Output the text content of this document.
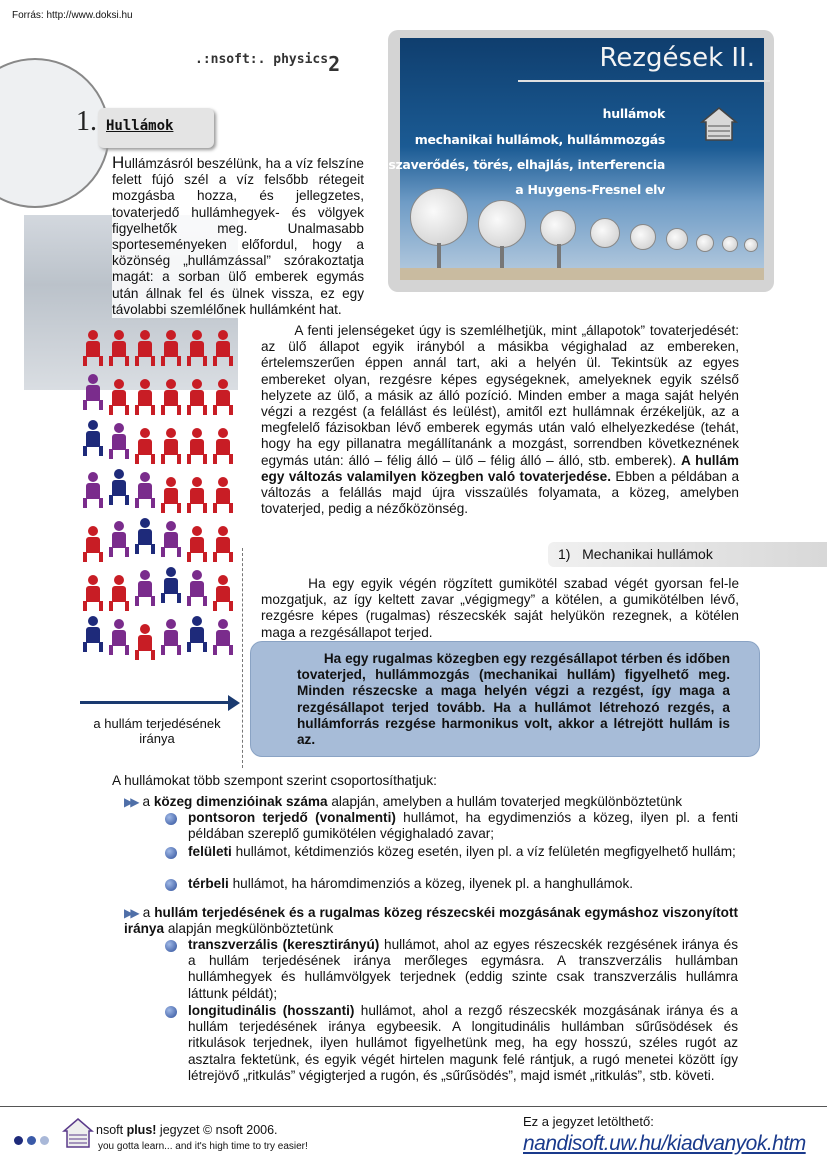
Forrás: http://www.doksi.hu
.:nsoft:. physics2	Rezgések II.
hullámok
mechanikai hullámok, hullámmozgás
visszaverődés, törés, elhajlás, interferencia
a Huygens-Fresnel elv
1. Hullámok
Hullámzásról beszélünk, ha a víz felszíne felett fújó szél a víz felsőbb rétegeit mozgásba hozza, és jellegzetes, tovaterjedő hullámhegyek- és völgyek figyelhetők meg. Unalmasabb sporteseményeken előfordul, hogy a közönség „hullámzással” szórakoztatja magát: a sorban ülő emberek egymás után állnak fel és ülnek vissza, ez egy távolabbi szemlélőnek hullámként hat.
a hullám terjedésének iránya
A fenti jelenségeket úgy is szemlélhetjük, mint „állapotok” tovaterjedését: az ülő állapot egyik irányból a másikba végighalad az embereken, értelemszerűen éppen annál tart, aki a helyén ül. Tekintsük az egyes embereket olyan, rezgésre képes egységeknek, amelyeknek egyik szélső helyzete az ülő, a másik az álló pozíció. Minden ember a maga saját helyén végzi a rezgést (a felállást és leülést), amitől ezt hullámnak érzékeljük, az a megfelelő fázisokban lévő emberek egymás után való elhelyezkedése (tehát, hogy ha egy pillanatra megállítanánk a mozgást, sorrendben következnének egymás után: álló – félig álló – ülő – félig álló – álló, stb. emberek). A hullám egy változás valamilyen közegben való tovaterjedése. Ebben a példában a változás a felállás majd újra visszaülés folyamata, a közeg, amelyben tovaterjed, pedig a nézőközönség.
1)   Mechanikai hullámok
Ha egy egyik végén rögzített gumikötél szabad végét gyorsan fel-le mozgatjuk, az így keltett zavar „végigmegy” a kötélen, a gumikötélben lévő, rezgésre képes (rugalmas) részecskék saját helyükön rezegnek, a kötélen maga a rezgésállapot terjed.
Ha egy rugalmas közegben egy rezgésállapot térben és időben tovaterjed, hullámmozgás (mechanikai hullám) figyelhető meg. Minden részecske a maga helyén végzi a rezgést, így maga a rezgésállapot terjed tovább. Ha a hullámot létrehozó rezgés, a hullámforrás rezgése harmonikus volt, akkor a létrejött hullám is az.
A hullámokat több szempont szerint csoportosíthatjuk:
▶▶ a közeg dimenzióinak száma alapján, amelyben a hullám tovaterjed megkülönböztetünk
pontsoron terjedő (vonalmenti) hullámot, ha egydimenziós a közeg, ilyen pl. a fenti példában szereplő gumikötélen végighaladó zavar;
felületi hullámot, kétdimenziós közeg esetén, ilyen pl. a víz felületén megfigyelhető hullám;
térbeli hullámot, ha háromdimenziós a közeg, ilyenek pl. a hanghullámok.
▶▶ a hullám terjedésének és a rugalmas közeg részecskéi mozgásának egymáshoz viszonyított iránya alapján megkülönböztetünk
transzverzális (keresztirányú) hullámot, ahol az egyes részecskék rezgésének iránya és a hullám terjedésének iránya merőleges egymásra. A transzverzális hullámban hullámhegyek és hullámvölgyek terjednek (eddig szinte csak transzverzális hullámra láttunk példát);
longitudinális (hosszanti) hullámot, ahol a rezgő részecskék mozgásának iránya és a hullám terjedésének iránya egybeesik. A longitudinális hullámban sűrűsödések és ritkulások terjednek, ilyen hullámot figyelhetünk meg, ha egy hosszú, széles rugót az asztalra fektetünk, és egyik végét hirtelen magunk felé rántjuk, a rugó menetei között így létrejövő „ritkulás” végigterjed a rugón, és „sűrűsödés”, majd ismét „ritkulás”, stb. követi.
nsoft plus! jegyzet © nsoft 2006.
you gotta learn... and it's high time to try easier!
Ez a jegyzet letölthető:
nandisoft.uw.hu/kiadvanyok.htm
